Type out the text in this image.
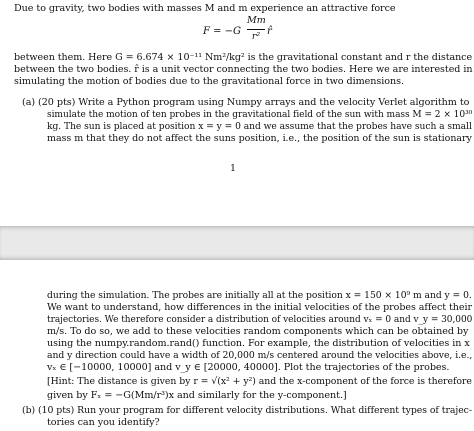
Due to gravity, two bodies with masses M and m experience an attractive force
F = −G
Mm
r² r̂
between them. Here G = 6.674 × 10⁻¹¹ Nm²/kg² is the gravitational constant and r the distance
between the two bodies. r̂ is a unit vector connecting the two bodies. Here we are interested in
simulating the motion of bodies due to the gravitational force in two dimensions.
(a) (20 pts) Write a Python program using Numpy arrays and the velocity Verlet algorithm to
simulate the motion of ten probes in the gravitational field of the sun with mass M = 2 × 10³⁰
kg. The sun is placed at position x = y = 0 and we assume that the probes have such a small
mass m that they do not affect the suns position, i.e., the position of the sun is stationary
1
during the simulation. The probes are initially all at the position x = 150 × 10⁹ m and y = 0.
We want to understand, how differences in the initial velocities of the probes affect their
trajectories. We therefore consider a distribution of velocities around vₓ = 0 and v_y = 30,000
m/s. To do so, we add to these velocities random components which can be obtained by
using the numpy.random.rand() function. For example, the distribution of velocities in x
and y direction could have a width of 20,000 m/s centered around the velocities above, i.e.,
vₓ ∈ [−10000, 10000] and v_y ∈ [20000, 40000]. Plot the trajectories of the probes.
[Hint: The distance is given by r = √(x² + y²) and the x-component of the force is therefore
given by Fₓ = −G(Mm/r³)x and similarly for the y-component.]
(b) (10 pts) Run your program for different velocity distributions. What different types of trajec-
tories can you identify?
